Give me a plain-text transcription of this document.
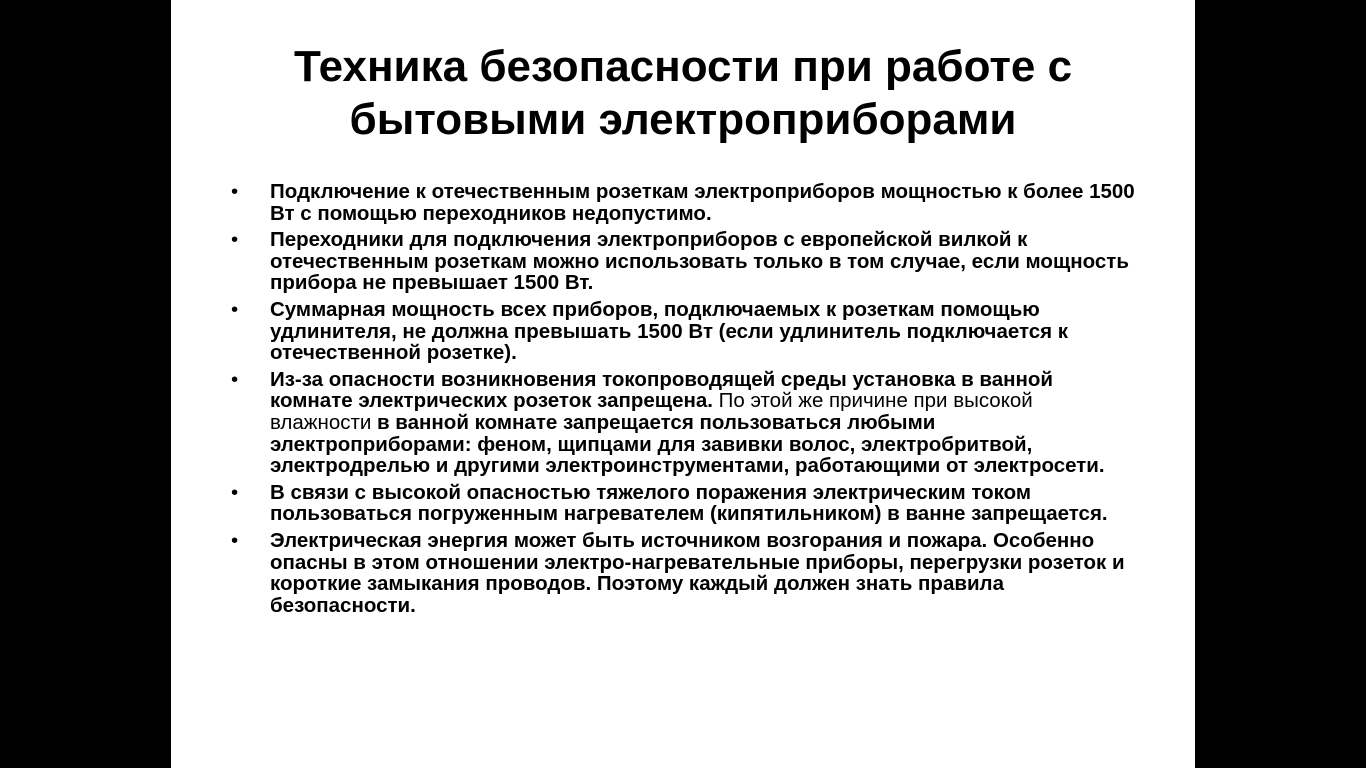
Техника безопасности при работе с
бытовыми электроприборами
• Подключение к отечественным розеткам электроприборов мощностью к более 1500 Вт с помощью переходников недопустимо.
• Переходники для подключения электроприборов с европейской вилкой к отечественным розеткам можно использовать только в том случае, если мощность прибора не превышает 1500 Вт.
• Суммарная мощность всех приборов, подключаемых к розеткам помощью удлинителя, не должна превышать 1500 Вт (если удлинитель подключается к отечественной розетке).
• Из-за опасности возникновения токопроводящей среды установка в ванной комнате электрических розеток запрещена. По этой же причине при высокой влажности в ванной комнате запрещается пользоваться любыми электроприборами: феном, щипцами для завивки волос, электробритвой, электродрелью и другими электроинструментами, работающими от электросети.
• В связи с высокой опасностью тяжелого поражения электрическим током пользоваться погруженным нагревателем (кипятильником) в ванне запрещается.
• Электрическая энергия может быть источником возгорания и пожара. Особенно опасны в этом отношении электро-нагревательные приборы, перегрузки розеток и короткие замыкания проводов. Поэтому каждый должен знать правила безопасности.
